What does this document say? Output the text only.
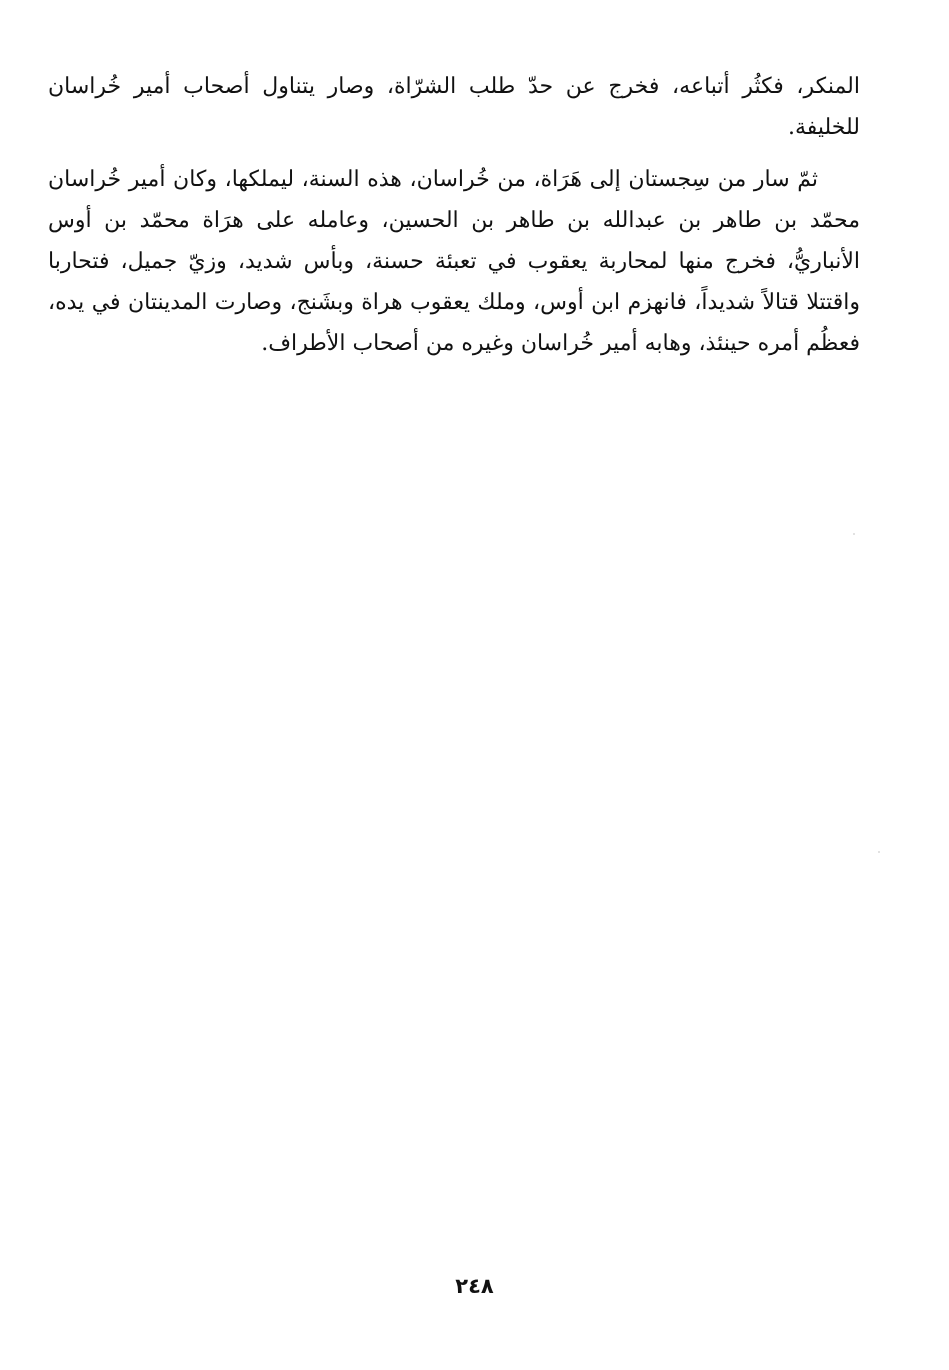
المنكر، فكثُر أتباعه، فخرج عن حدّ طلب الشرّاة، وصار يتناول أصحاب أمير خُراسان للخليفة.

ثمّ سار من سِجستان إلى هَرَاة، من خُراسان، هذه السنة، ليملكها، وكان أمير خُراسان محمّد بن طاهر بن عبدالله بن طاهر بن الحسين، وعامله على هرَاة محمّد بن أوس الأنباريُّ، فخرج منها لمحاربة يعقوب في تعبئة حسنة، وبأس شديد، وزيّ جميل، فتحاربا واقتتلا قتالاً شديداً، فانهزم ابن أوس، وملك يعقوب هراة وبشَنج، وصارت المدينتان في يده، فعظُم أمره حينئذ، وهابه أمير خُراسان وغيره من أصحاب الأطراف.

٢٤٨
